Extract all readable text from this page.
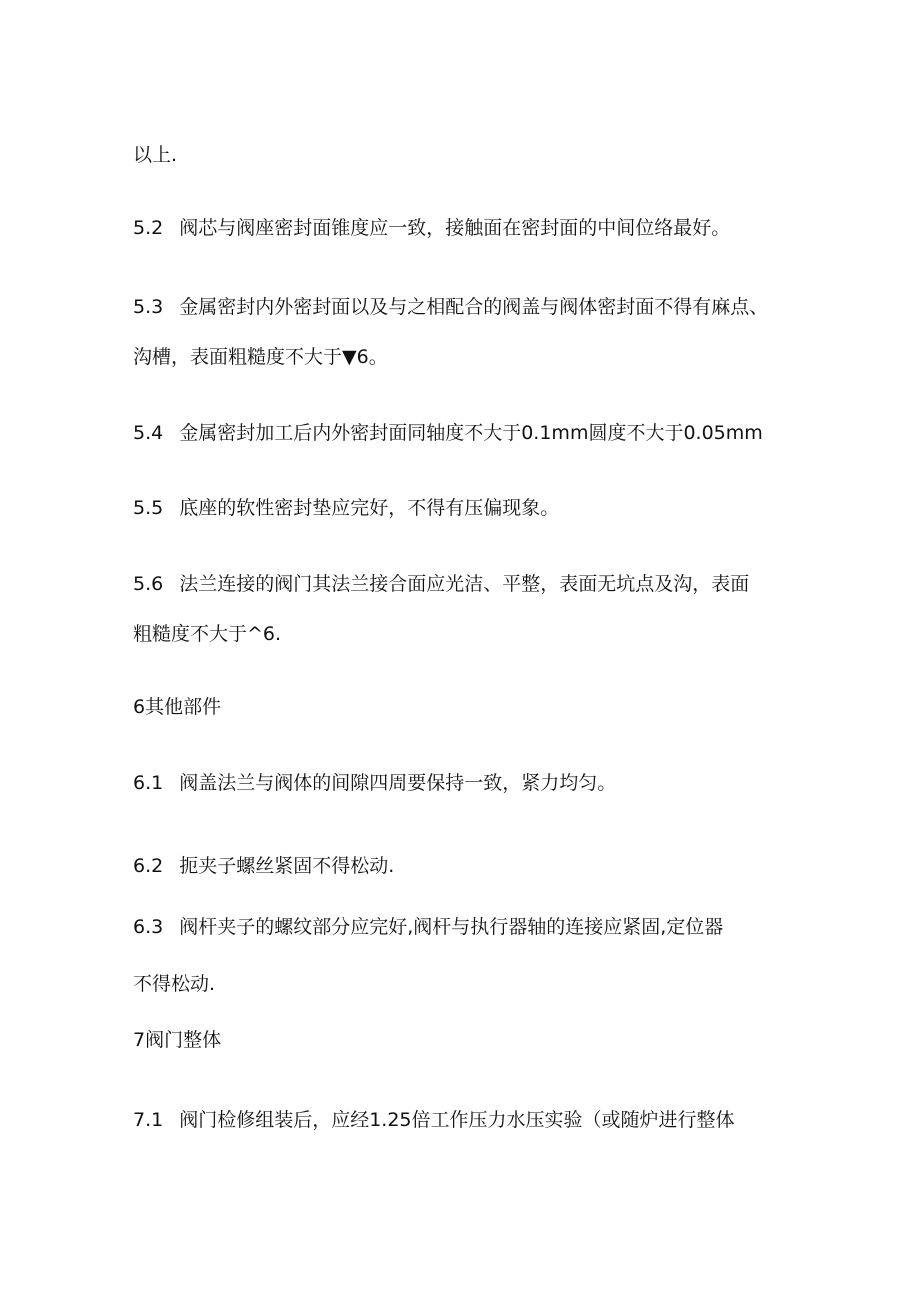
以上.
5.2 阀芯与阀座密封面锥度应一致，接触面在密封面的中间位络最好。
5.3 金属密封内外密封面以及与之相配合的阀盖与阀体密封面不得有麻点、
沟槽，表面粗糙度不大于▼6。
5.4 金属密封加工后内外密封面同轴度不大于0.1mm圆度不大于0.05mm
5.5 底座的软性密封垫应完好，不得有压偏现象。
5.6 法兰连接的阀门其法兰接合面应光洁、平整，表面无坑点及沟，表面
粗糙度不大于^6.
6其他部件
6.1 阀盖法兰与阀体的间隙四周要保持一致，紧力均匀。
6.2 扼夹子螺丝紧固不得松动.
6.3 阀杆夹子的螺纹部分应完好,阀杆与执行器轴的连接应紧固,定位器
不得松动.
7阀门整体
7.1 阀门检修组装后，应经1.25倍工作压力水压实验（或随炉进行整体
